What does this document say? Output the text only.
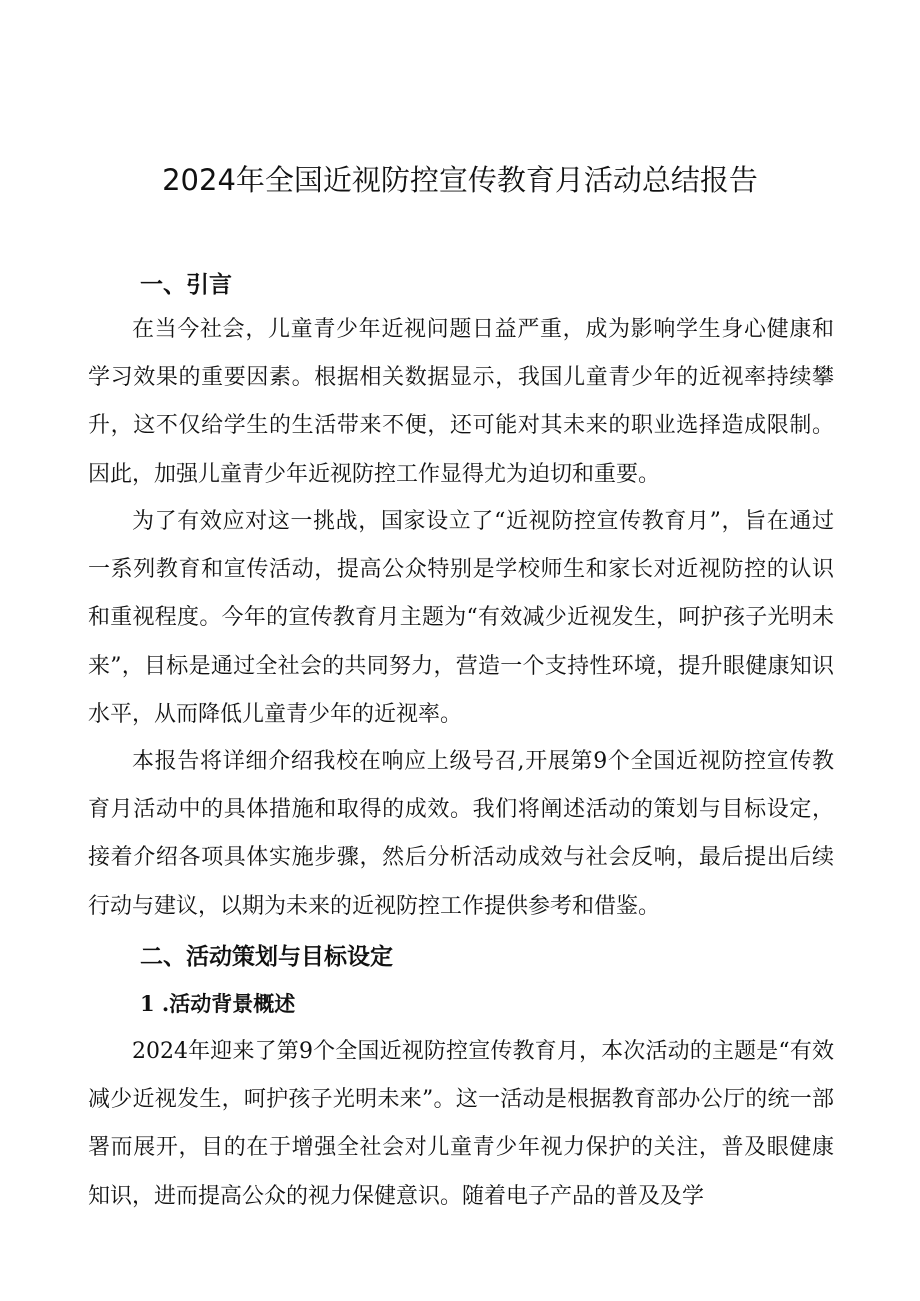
2024年全国近视防控宣传教育月活动总结报告
一、引言

在当今社会，儿童青少年近视问题日益严重，成为影响学生身心健康和学习效果的重要因素。根据相关数据显示，我国儿童青少年的近视率持续攀升，这不仅给学生的生活带来不便，还可能对其未来的职业选择造成限制。因此，加强儿童青少年近视防控工作显得尤为迫切和重要。

为了有效应对这一挑战，国家设立了“近视防控宣传教育月”，旨在通过一系列教育和宣传活动，提高公众特别是学校师生和家长对近视防控的认识和重视程度。今年的宣传教育月主题为“有效减少近视发生，呵护孩子光明未来”，目标是通过全社会的共同努力，营造一个支持性环境，提升眼健康知识水平，从而降低儿童青少年的近视率。

本报告将详细介绍我校在响应上级号召,开展第9个全国近视防控宣传教育月活动中的具体措施和取得的成效。我们将阐述活动的策划与目标设定，接着介绍各项具体实施步骤，然后分析活动成效与社会反响，最后提出后续行动与建议，以期为未来的近视防控工作提供参考和借鉴。

二、活动策划与目标设定
1 .活动背景概述

2024年迎来了第9个全国近视防控宣传教育月，本次活动的主题是“有效减少近视发生，呵护孩子光明未来”。这一活动是根据教育部办公厅的统一部署而展开，目的在于增强全社会对儿童青少年视力保护的关注，普及眼健康知识，进而提高公众的视力保健意识。随着电子产品的普及及学
